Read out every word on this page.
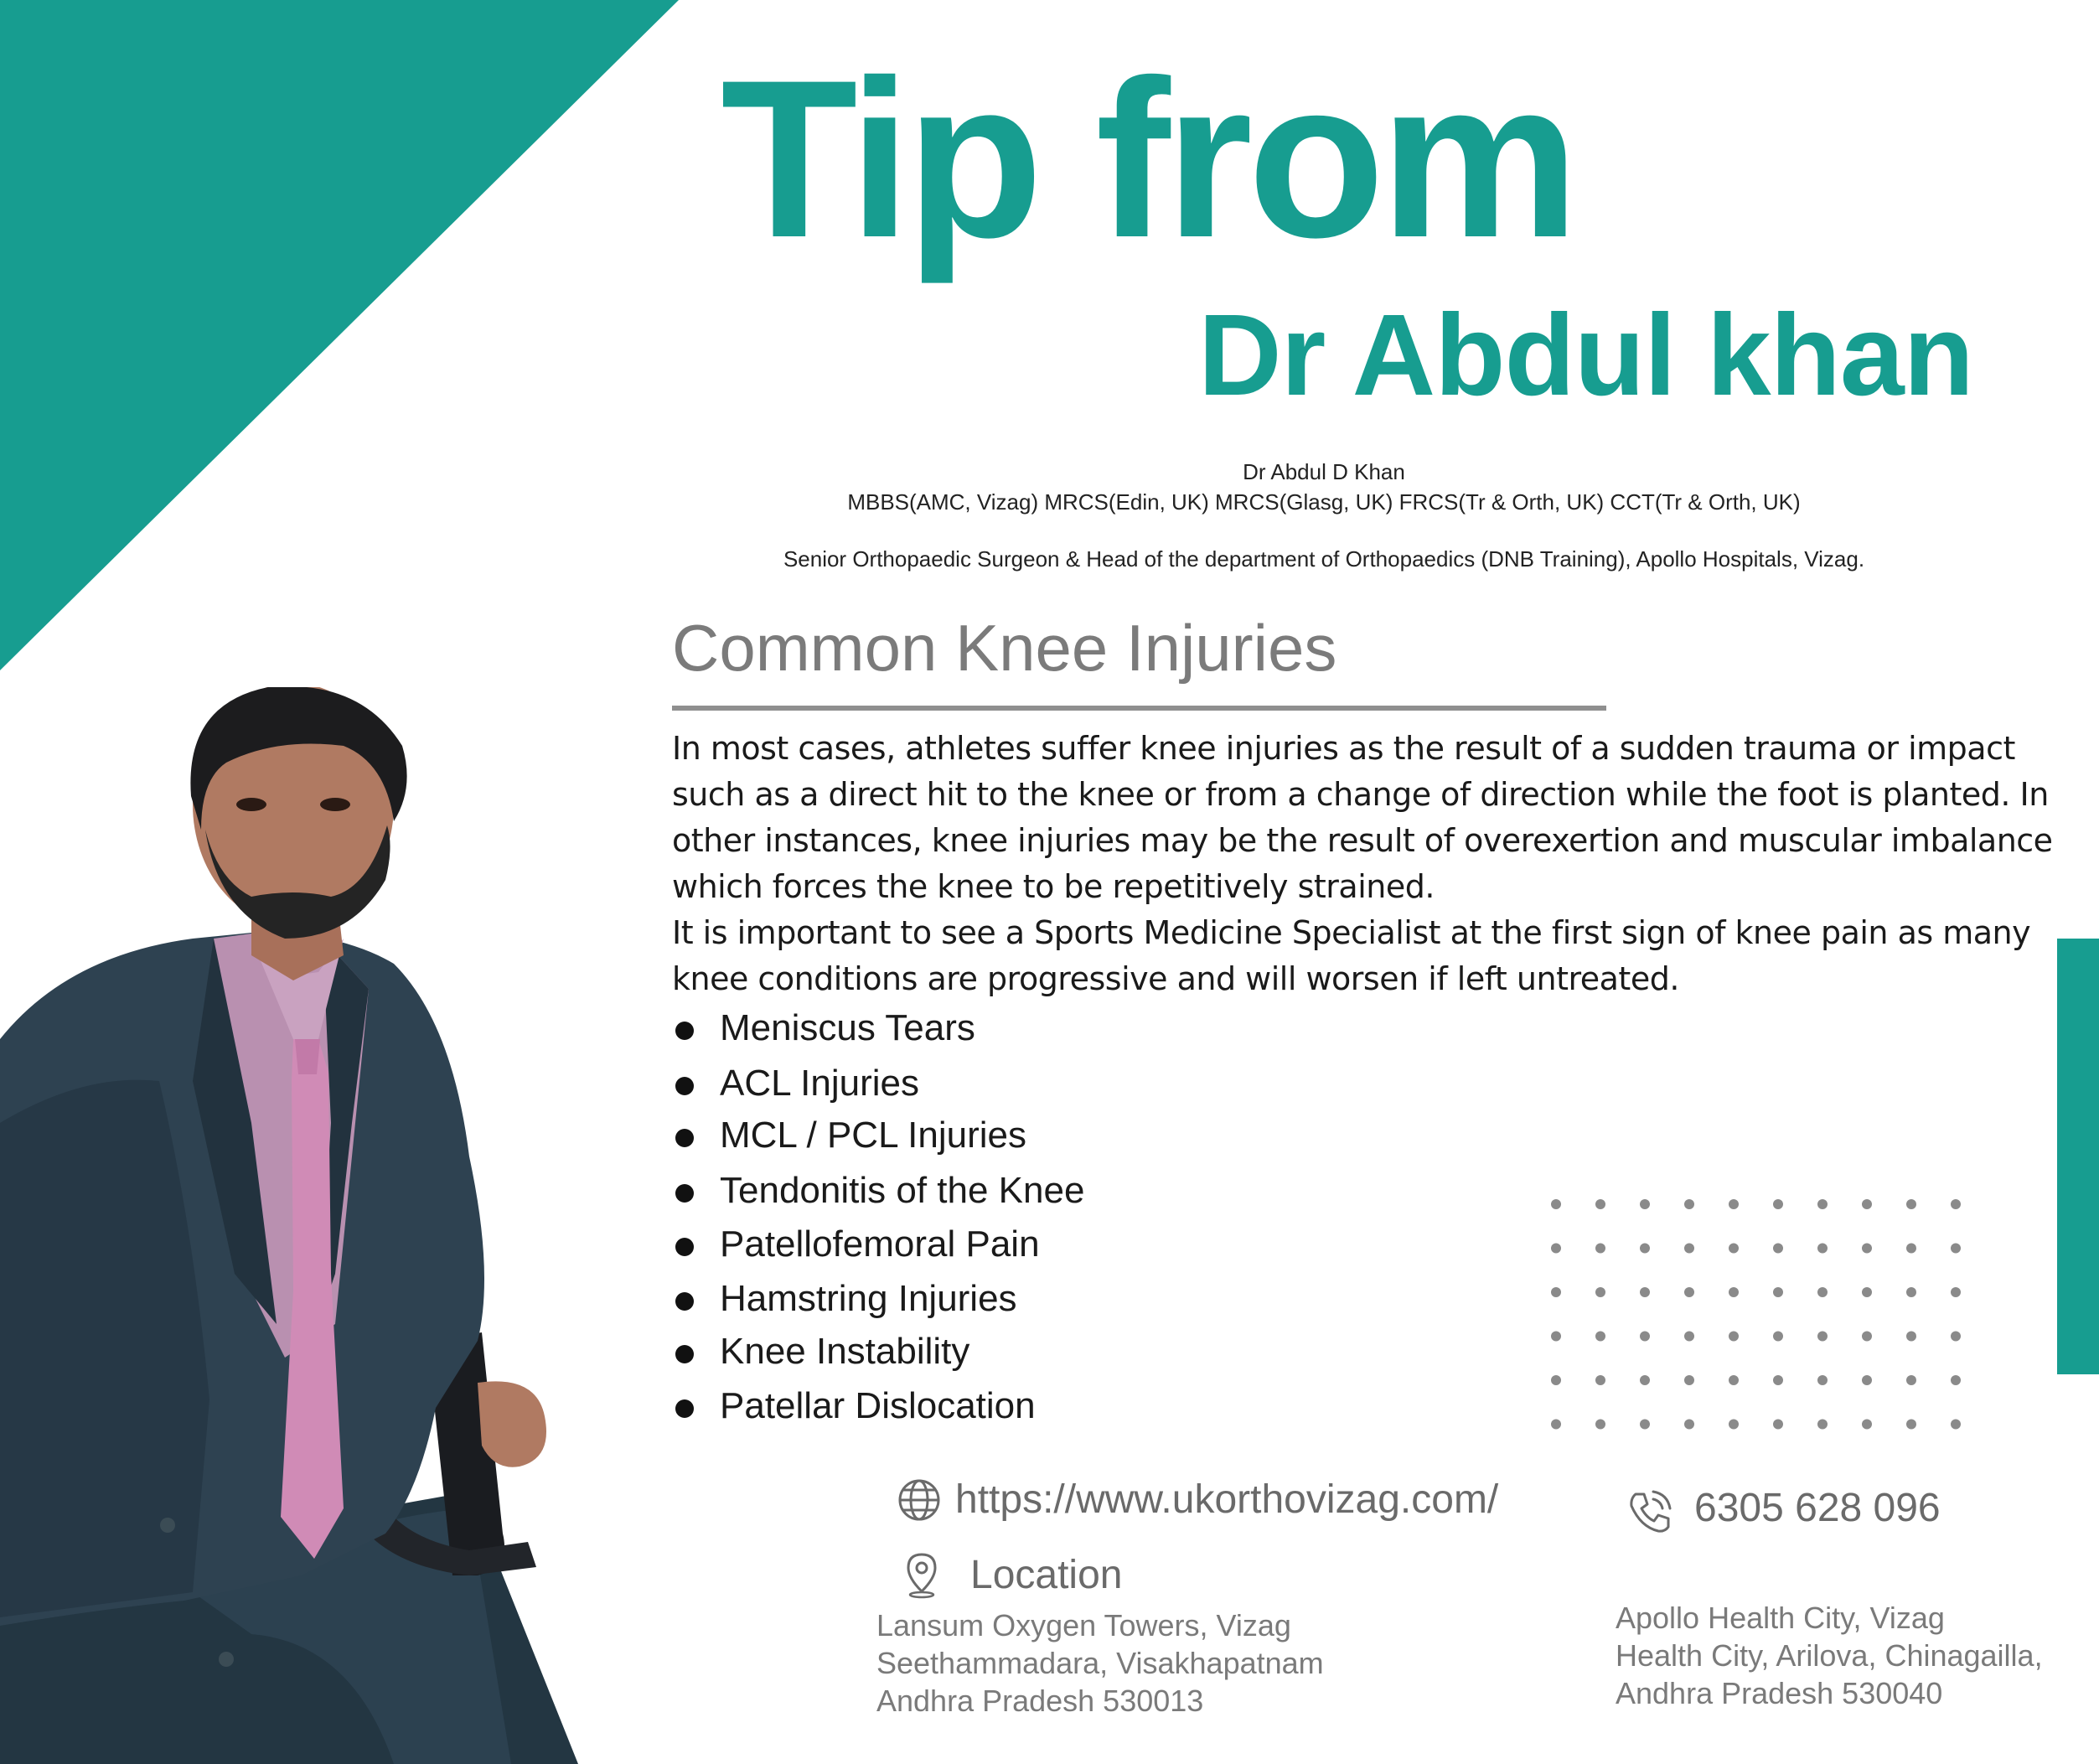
Tip from
Dr Abdul khan
Dr Abdul D Khan
MBBS(AMC, Vizag) MRCS(Edin, UK) MRCS(Glasg, UK) FRCS(Tr & Orth, UK) CCT(Tr & Orth, UK)
Senior Orthopaedic Surgeon & Head of the department of Orthopaedics (DNB Training), Apollo Hospitals, Vizag.
Common Knee Injuries

In most cases, athletes suffer knee injuries as the result of a sudden trauma or impact such as a direct hit to the knee or from a change of direction while the foot is planted. In other instances, knee injuries may be the result of overexertion and muscular imbalance which forces the knee to be repetitively strained.

It is important to see a Sports Medicine Specialist at the first sign of knee pain as many knee conditions are progressive and will worsen if left untreated.

Meniscus Tears
ACL Injuries
MCL / PCL Injuries
Tendonitis of the Knee
Patellofemoral Pain
Hamstring Injuries
Knee Instability
Patellar Dislocation
https://www.ukorthovizag.com/	6305 628 096
Location
Lansum Oxygen Towers, Vizag
Seethammadara, Visakhapatnam
Andhra Pradesh 530013
Apollo Health City, Vizag
Health City, Arilova, Chinagailla,
Andhra Pradesh 530040
